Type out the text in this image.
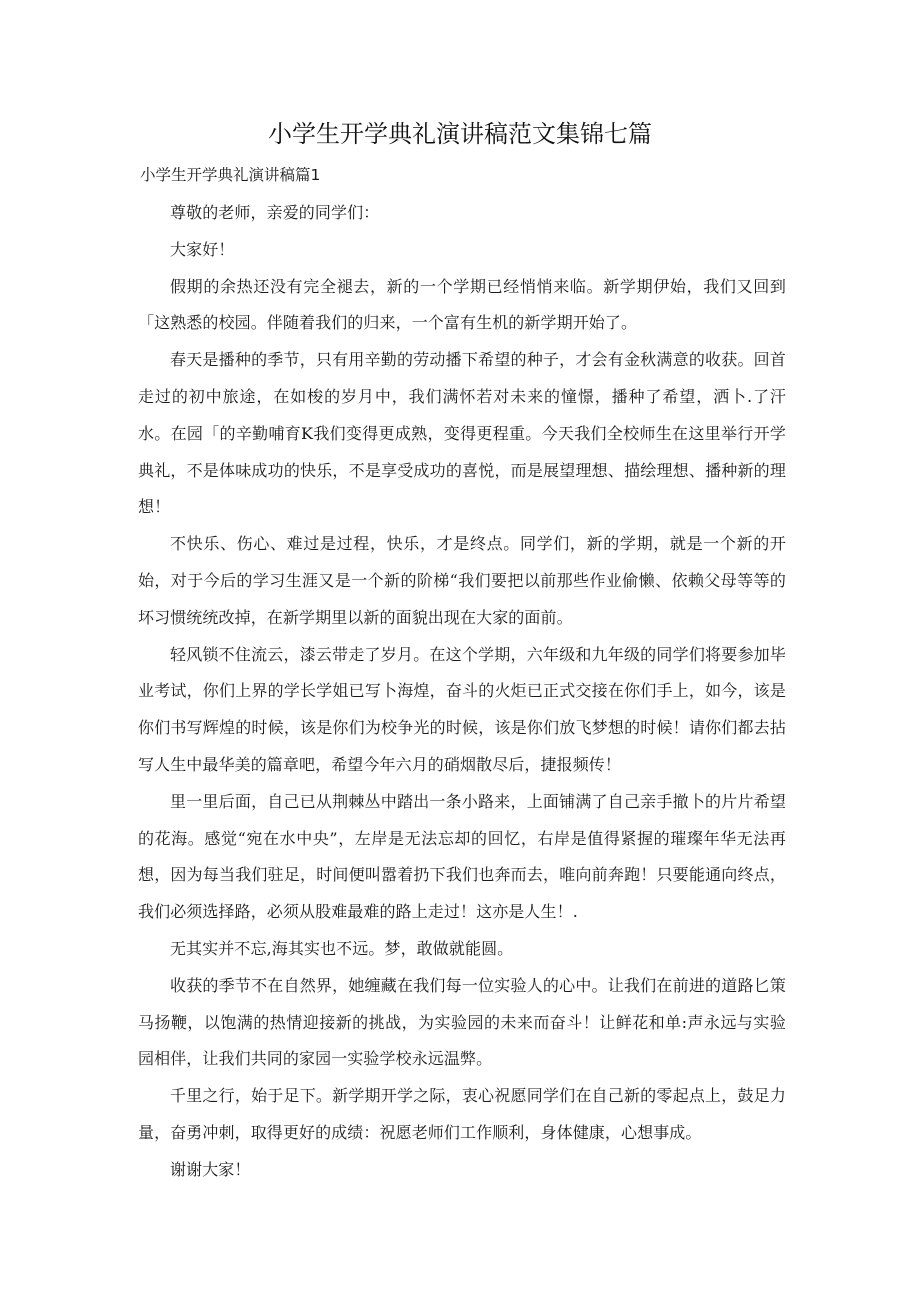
小学生开学典礼演讲稿范文集锦七篇
小学生开学典礼演讲稿篇1

尊敬的老师，亲爱的同学们：

大家好！

假期的余热还没有完全褪去，新的一个学期已经悄悄来临。新学期伊始，我们又回到「这熟悉的校园。伴随着我们的归来，一个富有生机的新学期开始了。

春天是播种的季节，只有用辛勤的劳动播下希望的种子，才会有金秋满意的收获。回首走过的初中旅途，在如梭的岁月中，我们满怀若对未来的憧憬，播种了希望，洒卜.了汗水。在园「的辛勤哺育K我们变得更成熟，变得更程重。今天我们全校师生在这里举行开学典礼，不是体味成功的快乐，不是享受成功的喜悦，而是展望理想、描绘理想、播种新的理想！

不快乐、伤心、难过是过程，快乐，才是终点。同学们，新的学期，就是一个新的开始，对于今后的学习生涯又是一个新的阶梯“我们要把以前那些作业偷懒、依赖父母等等的坏习惯统统改掉，在新学期里以新的面貌出现在大家的面前。

轻风锁不住流云，漆云带走了岁月。在这个学期，六年级和九年级的同学们将要参加毕业考试，你们上界的学长学姐已写卜海煌，奋斗的火炬已正式交接在你们手上，如今，该是你们书写辉煌的时候，该是你们为校争光的时候，该是你们放飞梦想的时候！请你们都去拈写人生中最华美的篇章吧，希望今年六月的硝烟散尽后，捷报频传！

里一里后面，自己已从荆棘丛中踏出一条小路来，上面铺满了自己亲手撤卜的片片希望的花海。感觉“宛在水中央”，左岸是无法忘却的回忆，右岸是值得紧握的璀璨年华无法再想，因为每当我们驻足，时间便叫嚣着扔下我们也奔而去，唯向前奔跑！只要能通向终点，我们必须选择路，必须从股难最难的路上走过！这亦是人生！.

无其实并不忘,海其实也不远。梦，敢做就能圆。

收获的季节不在自然界，她缠藏在我们每一位实验人的心中。让我们在前进的道路匕策马扬鞭，以饱满的热情迎接新的挑战，为实验园的未来而奋斗！让鲜花和单:声永远与实验园相伴，让我们共同的家园一实验学校永远温弊。

千里之行，始于足下。新学期开学之际，衷心祝愿同学们在自己新的零起点上，鼓足力量，奋勇冲刺，取得更好的成绩：祝愿老师们工作顺利，身体健康，心想事成。

谢谢大家！
